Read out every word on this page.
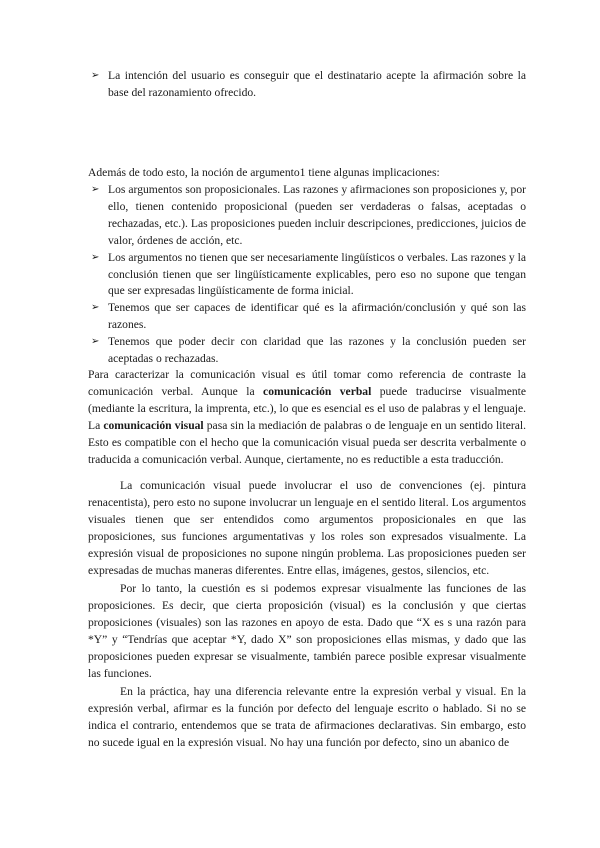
➢ La intención del usuario es conseguir que el destinatario acepte la afirmación sobre la base del razonamiento ofrecido.

Además de todo esto, la noción de argumento1 tiene algunas implicaciones:

➢ Los argumentos son proposicionales. Las razones y afirmaciones son proposiciones y, por ello, tienen contenido proposicional (pueden ser verdaderas o falsas, aceptadas o rechazadas, etc.). Las proposiciones pueden incluir descripciones, predicciones, juicios de valor, órdenes de acción, etc.
➢ Los argumentos no tienen que ser necesariamente lingüísticos o verbales. Las razones y la conclusión tienen que ser lingüísticamente explicables, pero eso no supone que tengan que ser expresadas lingüísticamente de forma inicial.
➢ Tenemos que ser capaces de identificar qué es la afirmación/conclusión y qué son las razones.
➢ Tenemos que poder decir con claridad que las razones y la conclusión pueden ser aceptadas o rechazadas.

Para caracterizar la comunicación visual es útil tomar como referencia de contraste la comunicación verbal. Aunque la comunicación verbal puede traducirse visualmente (mediante la escritura, la imprenta, etc.), lo que es esencial es el uso de palabras y el lenguaje. La comunicación visual pasa sin la mediación de palabras o de lenguaje en un sentido literal. Esto es compatible con el hecho que la comunicación visual pueda ser descrita verbalmente o traducida a comunicación verbal. Aunque, ciertamente, no es reductible a esta traducción.

La comunicación visual puede involucrar el uso de convenciones (ej. pintura renacentista), pero esto no supone involucrar un lenguaje en el sentido literal. Los argumentos visuales tienen que ser entendidos como argumentos proposicionales en que las proposiciones, sus funciones argumentativas y los roles son expresados visualmente. La expresión visual de proposiciones no supone ningún problema. Las proposiciones pueden ser expresadas de muchas maneras diferentes. Entre ellas, imágenes, gestos, silencios, etc.

Por lo tanto, la cuestión es si podemos expresar visualmente las funciones de las proposiciones. Es decir, que cierta proposición (visual) es la conclusión y que ciertas proposiciones (visuales) son las razones en apoyo de esta. Dado que “X es s una razón para *Y” y “Tendrías que aceptar *Y, dado X” son proposiciones ellas mismas, y dado que las proposiciones pueden expresar se visualmente, también parece posible expresar visualmente las funciones.

En la práctica, hay una diferencia relevante entre la expresión verbal y visual. En la expresión verbal, afirmar es la función por defecto del lenguaje escrito o hablado. Si no se indica el contrario, entendemos que se trata de afirmaciones declarativas. Sin embargo, esto no sucede igual en la expresión visual. No hay una función por defecto, sino un abanico de
